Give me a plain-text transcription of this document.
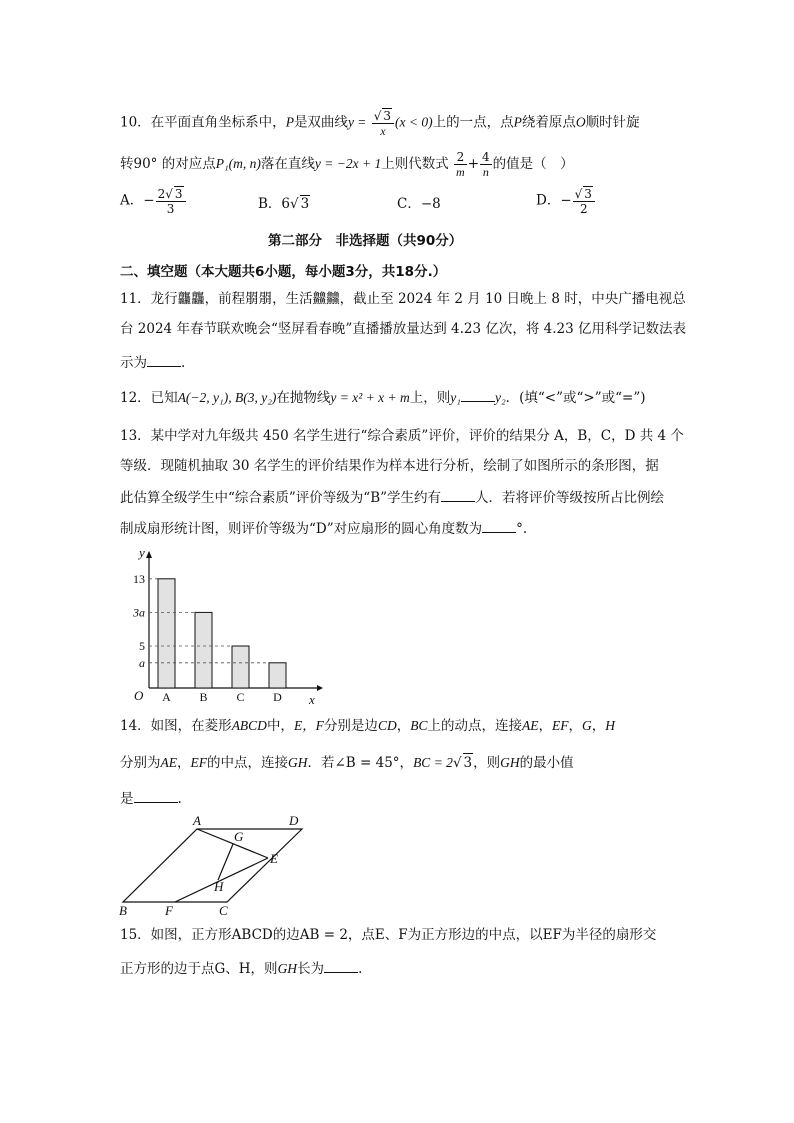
10．在平面直角坐标系中，P是双曲线$y = \frac{√ 3}{x} (x < 0)$上的一点，点P绕着原点O顺时针旋
转90° 的对应点P₁(m, n)落在直线y = −2x + 1上则代数式 $\frac{2}{m} + \frac{4}{n}$ 的值是（　）
A．− $\frac{2√ 3}{3}$	B．6√ 3	C．−8	D．− $\frac{√ 3}{2}$
第二部分　非选择题（共90分）
二、填空题（本大题共6小题，每小题3分，共18分.）
11．龙行龘龘，前程朤朤，生活䲜䲜，截止至 2024 年 2 月 10 日晚上 8 时，中央广播电视总
台 2024 年春节联欢晚会“竖屏看春晚”直播播放量达到 4.23 亿次，将 4.23 亿用科学记数法表
示为	.
12．已知A(−2, y₁), B(3, y₂)在抛物线y = x² + x + m上，则y₁	y₂．(填“<”或“>”或“=”)
13．某中学对九年级共 450 名学生进行“综合素质”评价，评价的结果分 A，B，C，D 共 4 个
等级．现随机抽取 30 名学生的评价结果作为样本进行分析，绘制了如图所示的条形图，据
此估算全级学生中“综合素质”评价等级为“B”学生约有	人．若将评价等级按所占比例绘
制成扇形统计图，则评价等级为“D”对应扇形的圆心角度数为	°.
y
x
O
13
A
3a
B
5
C
a
D
14．如图，在菱形ABCD中，E，F分别是边CD，BC上的动点，连接AE，EF，G，H
分别为AE，EF的中点，连接GH．若∠B = 45°，BC = 2√ 3，则GH的最小值
是	.
A	D
G
E
H
B	F	C
15．如图，正方形ABCD的边AB = 2，点E、F为正方形边的中点，以EF为半径的扇形交
正方形的边于点G、H，则GH长为	.
